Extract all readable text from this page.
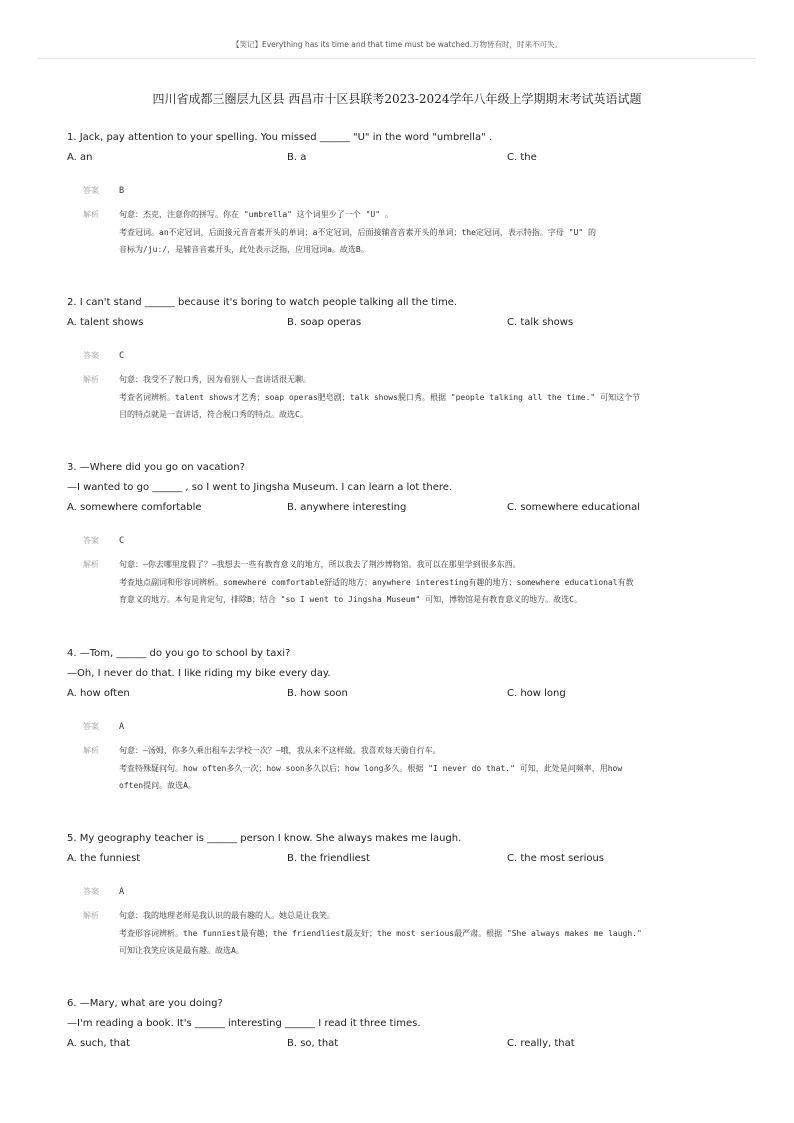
【笑记】Everything has its time and that time must be watched.万物皆有时，时来不可失。
四川省成都三圈层九区县 西昌市十区县联考2023-2024学年八年级上学期期末考试英语试题
1. Jack, pay attention to your spelling. You missed ______ "U" in the word "umbrella" .
A. an	B. a	C. the
答案 B
解析	句意：杰克，注意你的拼写。你在 "umbrella" 这个词里少了一个 "U" 。
考查冠词。an不定冠词，后面接元音音素开头的单词；a不定冠词，后面接辅音音素开头的单词；the定冠词，表示特指。字母 "U" 的
音标为/juː/，是辅音音素开头，此处表示泛指，应用冠词a。故选B。
2. I can't stand ______ because it's boring to watch people talking all the time.
A. talent shows	B. soap operas	C. talk shows
答案 C
解析	句意：我受不了脱口秀，因为看别人一直讲话很无聊。
考查名词辨析。talent shows才艺秀；soap operas肥皂剧；talk shows脱口秀。根据 "people talking all the time." 可知这个节
目的特点就是一直讲话，符合脱口秀的特点。故选C。
3. —Where did you go on vacation?
—I wanted to go ______ , so I went to Jingsha Museum. I can learn a lot there.
A. somewhere comfortable	B. anywhere interesting	C. somewhere educational
答案 C
解析	句意：—你去哪里度假了？—我想去一些有教育意义的地方，所以我去了荆沙博物馆。我可以在那里学到很多东西。
考查地点副词和形容词辨析。somewhere comfortable舒适的地方；anywhere interesting有趣的地方；somewhere educational有教
育意义的地方。本句是肯定句，排除B；结合 "so I went to Jingsha Museum" 可知，博物馆是有教育意义的地方。故选C。
4. —Tom, ______ do you go to school by taxi?
—Oh, I never do that. I like riding my bike every day.
A. how often	B. how soon	C. how long
答案 A
解析	句意：—汤姆，你多久乘出租车去学校一次？—哦，我从来不这样做。我喜欢每天骑自行车。
考查特殊疑问句。how often多久一次；how soon多久以后；how long多久。根据 "I never do that." 可知，此处是问频率，用how
often提问。故选A。
5. My geography teacher is ______ person I know. She always makes me laugh.
A. the funniest	B. the friendliest	C. the most serious
答案 A
解析	句意：我的地理老师是我认识的最有趣的人。她总是让我笑。
考查形容词辨析。the funniest最有趣；the friendliest最友好；the most serious最严肃。根据 "She always makes me laugh."
可知让我笑应该是最有趣。故选A。
6. —Mary, what are you doing?
—I'm reading a book. It's ______ interesting ______ I read it three times.
A. such, that	B. so, that	C. really, that
